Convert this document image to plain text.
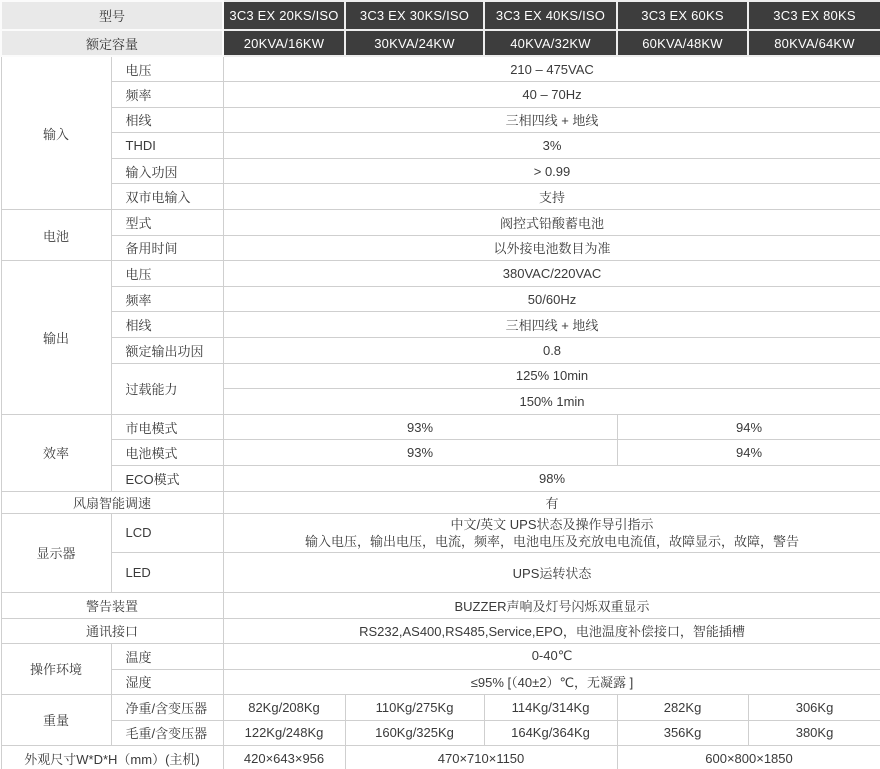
型号		3C3 EX 20KS/ISO	3C3 EX 30KS/ISO	3C3 EX 40KS/ISO	3C3 EX 60KS	3C3 EX 80KS
额定容量		20KVA/16KW	30KVA/24KW	40KVA/32KW	60KVA/48KW	80KVA/64KW
输入	电压	210 – 475VAC				
	频率	40 – 70Hz				
	相线	三相四线 + 地线				
	THDI	3%				
	输入功因	> 0.99				
	双市电输入	支持				
电池	型式	阀控式铅酸蓄电池				
	备用时间	以外接电池数目为准				
输出	电压	380VAC/220VAC				
	频率	50/60Hz				
	相线	三相四线 + 地线				
	额定输出功因	0.8				
	过载能力	125% 10min				
		150% 1min				
效率	市电模式	93%			94%	
	电池模式	93%			94%	
	ECO模式	98%				
风扇智能调速		有				
显示器	LCD	中文/英文 UPS状态及操作导引指示
输入电压，输出电压，电流，频率，电池电压及充放电电流值，故障显示，故障，警告				

	LED	UPS运转状态				
警告装置		BUZZER声响及灯号闪烁双重显示				
通讯接口		RS232,AS400,RS485,Service,EPO，电池温度补偿接口，智能插槽				
操作环境	温度	0-40℃				
	湿度	≤95% [（40±2）℃，无凝露 ]				
重量	净重/含变压器	82Kg/208Kg	110Kg/275Kg	114Kg/314Kg	282Kg	306Kg
	毛重/含变压器	122Kg/248Kg	160Kg/325Kg	164Kg/364Kg	356Kg	380Kg
外观尺寸W*D*H（mm）(主机)		420×643×956	470×710×1150		600×800×1850	
